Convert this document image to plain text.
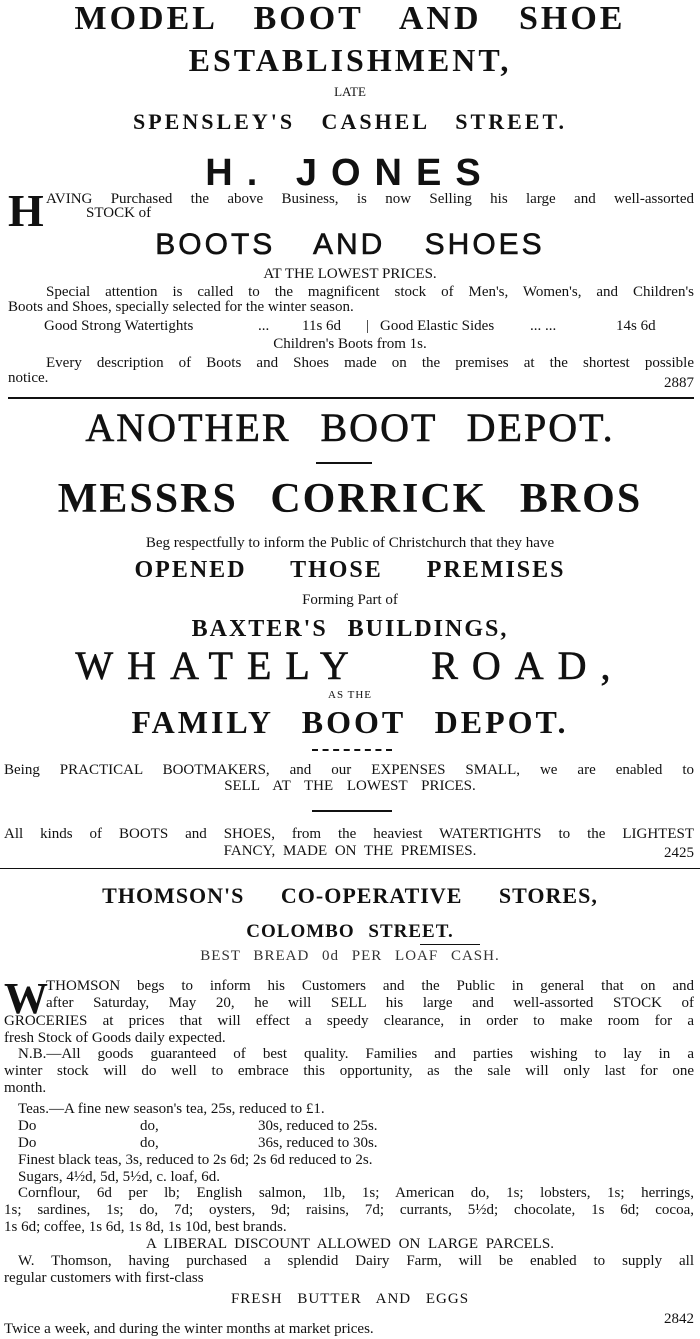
MODEL BOOT AND SHOE
ESTABLISHMENT,
LATE
SPENSLEY'S CASHEL STREET.
H. JONES
H AVING Purchased the above Business, is now Selling his large and well-assorted
STOCK of
BOOTS AND SHOES
AT THE LOWEST PRICES.
Special attention is called to the magnificent stock of Men's, Women's, and Children's
Boots and Shoes, specially selected for the winter season.
Good Strong Watertights	...	11s 6d	| Good Elastic Sides	... ...	14s 6d
Children's Boots from 1s.
Every description of Boots and Shoes made on the premises at the shortest possible
notice.	2887
ANOTHER BOOT DEPOT.
MESSRS CORRICK BROS
Beg respectfully to inform the Public of Christchurch that they have
OPENED THOSE PREMISES
Forming Part of
BAXTER'S BUILDINGS,
WHATELY ROAD,
AS THE
FAMILY BOOT DEPOT.
Being PRACTICAL BOOTMAKERS, and our EXPENSES SMALL, we are enabled to
SELL AT THE LOWEST PRICES.
All kinds of BOOTS and SHOES, from the heaviest WATERTIGHTS to the LIGHTEST
FANCY, MADE ON THE PREMISES.	2425
THOMSON'S CO-OPERATIVE STORES,
COLOMBO STREET.
BEST BREAD 0d PER LOAF CASH.
W
THOMSON begs to inform his Customers and the Public in general that on and
after Saturday, May 20, he will SELL his large and well-assorted STOCK of
GROCERIES at prices that will effect a speedy clearance, in order to make room for a
fresh Stock of Goods daily expected.
N.B.—All goods guaranteed of best quality. Families and parties wishing to lay in a
winter stock will do well to embrace this opportunity, as the sale will only last for one
month.
Teas.—A fine new season's tea, 25s, reduced to £1.
Do	do,	30s, reduced to 25s.
Do	do,	36s, reduced to 30s.
Finest black teas, 3s, reduced to 2s 6d; 2s 6d reduced to 2s.
Sugars, 4½d, 5d, 5½d, c. loaf, 6d.
Cornflour, 6d per lb; English salmon, 1lb, 1s; American do, 1s; lobsters, 1s; herrings,
1s; sardines, 1s; do, 7d; oysters, 9d; raisins, 7d; currants, 5½d; chocolate, 1s 6d; cocoa,
1s 6d; coffee, 1s 6d, 1s 8d, 1s 10d, best brands.
A LIBERAL DISCOUNT ALLOWED ON LARGE PARCELS.
W. Thomson, having purchased a splendid Dairy Farm, will be enabled to supply all
regular customers with first-class
FRESH BUTTER AND EGGS
Twice a week, and during the winter months at market prices.
2842
